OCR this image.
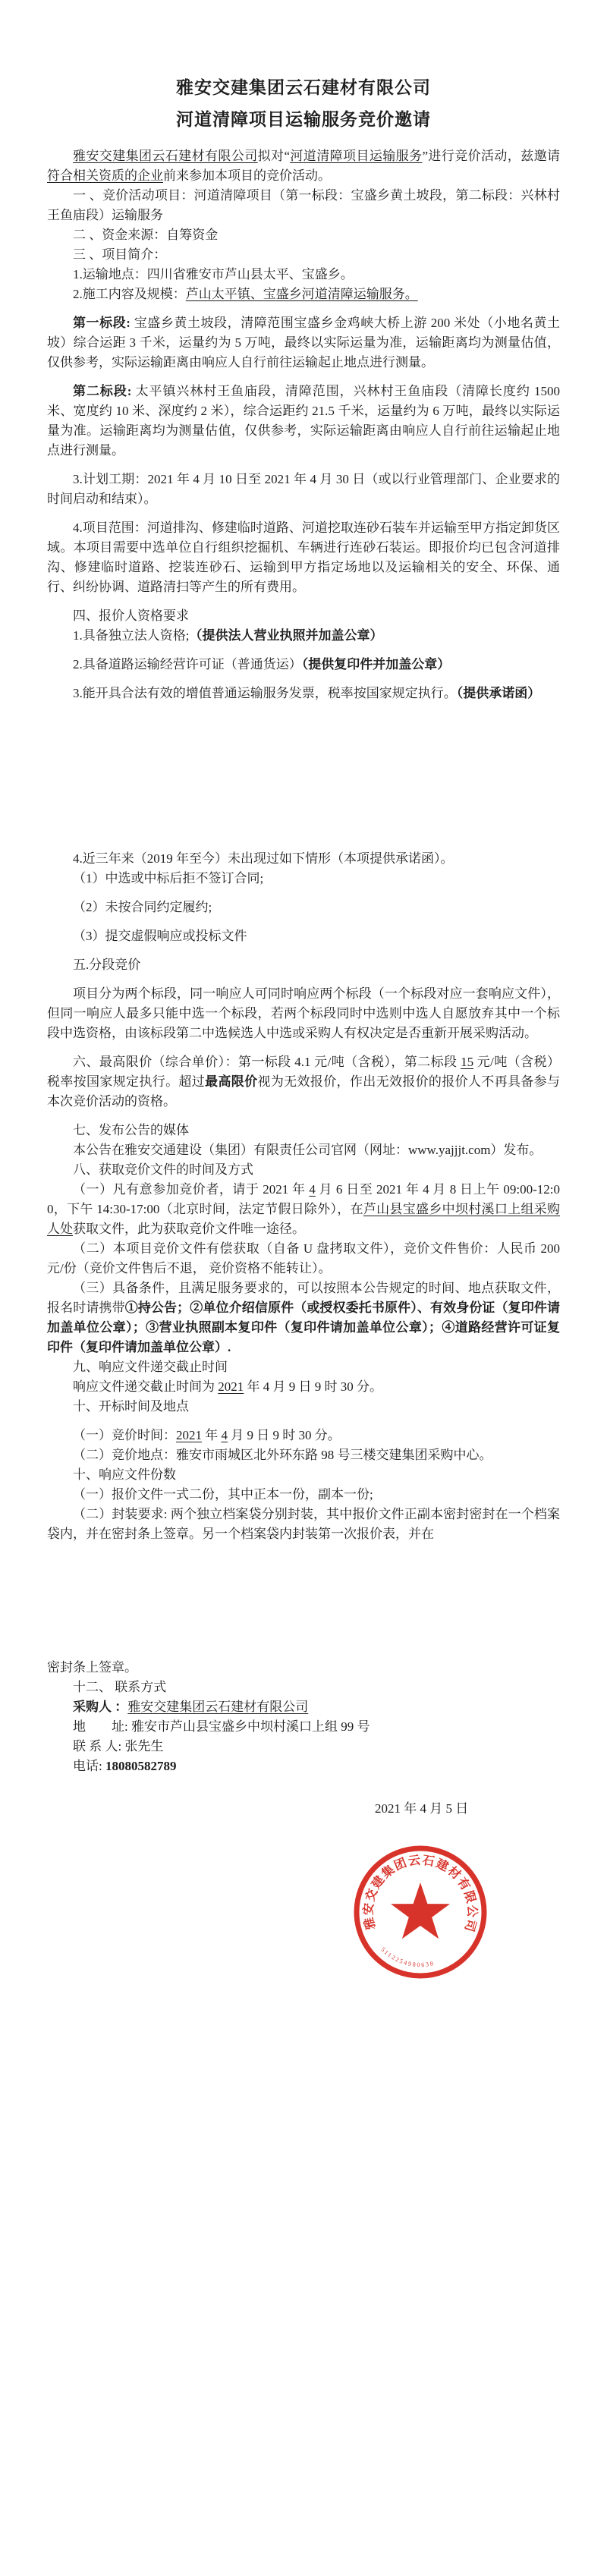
雅安交建集团云石建材有限公司
河道清障项目运输服务竞价邀请

雅安交建集团云石建材有限公司拟对“河道清障项目运输服务”进行竞价活动，兹邀请符合相关资质的企业前来参加本项目的竞价活动。

一 、竞价活动项目：河道清障项目（第一标段：宝盛乡黄土坡段，第二标段：兴林村王鱼庙段）运输服务

二 、资金来源：自筹资金

三 、项目简介：

1.运输地点：四川省雅安市芦山县太平、宝盛乡。

2.施工内容及规模：芦山太平镇、宝盛乡河道清障运输服务。

第一标段: 宝盛乡黄土坡段，清障范围宝盛乡金鸡峡大桥上游 200 米处（小地名黄土坡）综合运距 3 千米，运量约为 5 万吨，最终以实际运量为准，运输距离均为测量估值，仅供参考，实际运输距离由响应人自行前往运输起止地点进行测量。

第二标段: 太平镇兴林村王鱼庙段，清障范围，兴林村王鱼庙段（清障长度约 1500 米、宽度约 10 米、深度约 2 米），综合运距约 21.5 千米，运量约为 6 万吨，最终以实际运量为准。运输距离均为测量估值，仅供参考，实际运输距离由响应人自行前往运输起止地点进行测量。

3.计划工期：2021 年 4 月 10 日至 2021 年 4 月 30 日（或以行业管理部门、企业要求的时间启动和结束）。

4.项目范围：河道排沟、修建临时道路、河道挖取连砂石装车并运输至甲方指定卸货区域。本项目需要中选单位自行组织挖掘机、车辆进行连砂石装运。即报价均已包含河道排沟、修建临时道路、挖装连砂石、运输到甲方指定场地以及运输相关的安全、环保、通行、纠纷协调、道路清扫等产生的所有费用。

四、报价人资格要求

1.具备独立法人资格;（提供法人营业执照并加盖公章）

2.具备道路运输经营许可证（普通货运）（提供复印件并加盖公章）

3.能开具合法有效的增值普通运输服务发票，税率按国家规定执行。（提供承诺函）

4.近三年来（2019 年至今）未出现过如下情形（本项提供承诺函）。

（1）中选或中标后拒不签订合同;

（2）未按合同约定履约;

（3）提交虚假响应或投标文件

五.分段竞价

项目分为两个标段，同一响应人可同时响应两个标段（一个标段对应一套响应文件），但同一响应人最多只能中选一个标段，若两个标段同时中选则中选人自愿放弃其中一个标段中选资格，由该标段第二中选候选人中选或采购人有权决定是否重新开展采购活动。

六、最高限价（综合单价）：第一标段 4.1 元/吨（含税），第二标段 15 元/吨（含税）税率按国家规定执行。超过最高限价视为无效报价，作出无效报价的报价人不再具备参与本次竞价活动的资格。

七、发布公告的媒体

本公告在雅安交通建设（集团）有限责任公司官网（网址：www.yajjjt.com）发布。

八、获取竞价文件的时间及方式

（一）凡有意参加竞价者，请于 2021 年 4 月 6 日至 2021 年 4 月 8 日上午 09:00-12:00，下午 14:30-17:00（北京时间，法定节假日除外），在芦山县宝盛乡中坝村溪口上组采购人处获取文件，此为获取竞价文件唯一途径。

（二）本项目竞价文件有偿获取（自备 U 盘拷取文件），竞价文件售价：人民币 200 元/份（竞价文件售后不退， 竞价资格不能转让）。

（三）具备条件，且满足服务要求的，可以按照本公告规定的时间、地点获取文件，报名时请携带①持公告；②单位介绍信原件（或授权委托书原件）、有效身份证（复印件请加盖单位公章）；③营业执照副本复印件（复印件请加盖单位公章）；④道路经营许可证复印件（复印件请加盖单位公章）.

九、响应文件递交截止时间

响应文件递交截止时间为 2021 年 4 月 9 日 9 时 30 分。

十、开标时间及地点

（一）竞价时间：2021 年 4 月 9 日 9 时 30 分。

（二）竞价地点：雅安市雨城区北外环东路 98 号三楼交建集团采购中心。

十、响应文件份数

（一）报价文件一式二份，其中正本一份，副本一份;

（二）封装要求: 两个独立档案袋分别封装，其中报价文件正副本密封密封在一个档案袋内，并在密封条上签章。另一个档案袋内封装第一次报价表，并在

密封条上签章。

十二、 联系方式

采购人 ：雅安交建集团云石建材有限公司

地　　址: 雅安市芦山县宝盛乡中坝村溪口上组 99 号

联 系 人: 张先生

电话: 18080582789

2021 年 4 月 5 日

雅安交建集团云石建材有限公司
5112254980638
